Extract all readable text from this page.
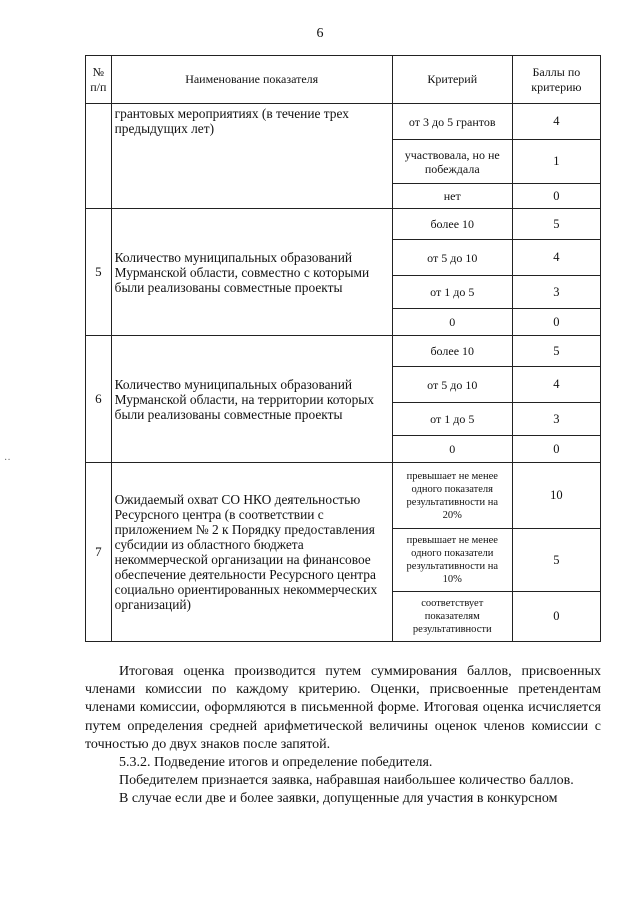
6
№ п/п	Наименование показателя	Критерий	Баллы по критерию
	грантовых мероприятиях (в течение трех предыдущих лет)	от 3 до 5 грантов	4
		участвовала, но не побеждала	1
		нет	0
5	Количество муниципальных образований Мурманской области, совместно с которыми были реализованы совместные проекты	более 10	5
		от 5 до 10	4
		от 1 до 5	3
		0	0
6	Количество муниципальных образований Мурманской области, на территории которых были реализованы совместные проекты	более 10	5
		от 5 до 10	4
		от 1 до 5	3
		0	0
7	Ожидаемый охват СО НКО деятельностью Ресурсного центра (в соответствии с приложением № 2 к Порядку предоставления субсидии из областного бюджета некоммерческой организации на финансовое обеспечение деятельности Ресурсного центра социально ориентированных некоммерческих организаций)	превышает не менее одного показателя результативности на 20%	10
		превышает не менее одного показатели результативности на 10%	5
		соответствует показателям результативности	0

Итоговая оценка производится путем суммирования баллов, присвоенных членами комиссии по каждому критерию. Оценки, присвоенные претендентам членами комиссии, оформляются в письменной форме. Итоговая оценка исчисляется путем определения средней арифметической величины оценок членов комиссии с точностью до двух знаков после запятой.

5.3.2. Подведение итогов и определение победителя.

Победителем признается заявка, набравшая наибольшее количество баллов.

В случае если две и более заявки, допущенные для участия в конкурсном

··
